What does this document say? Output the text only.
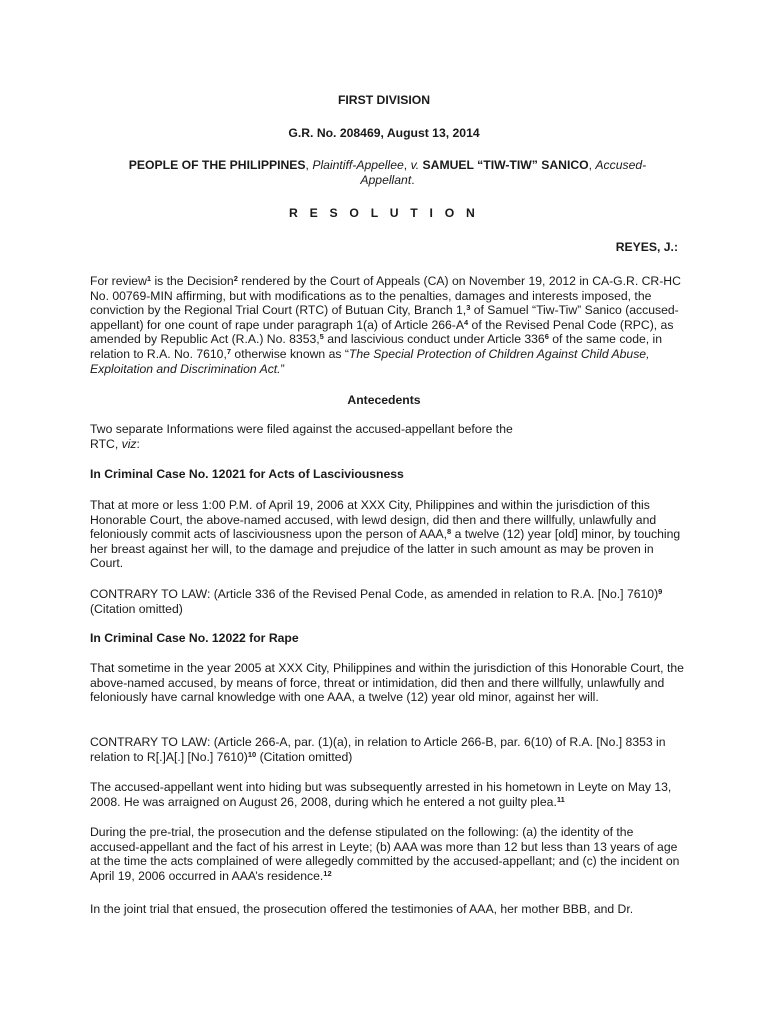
FIRST DIVISION
G.R. No. 208469, August 13, 2014
PEOPLE OF THE PHILIPPINES, Plaintiff-Appellee, v. SAMUEL “TIW-TIW” SANICO, Accused-
Appellant.
R E S O L U T I O N
REYES, J.:

For review$^1$ is the Decision$^2$ rendered by the Court of Appeals (CA) on November 19, 2012 in CA-G.R. CR-HC No. 00769-MIN affirming, but with modifications as to the penalties, damages and interests imposed, the conviction by the Regional Trial Court (RTC) of Butuan City, Branch 1,$^3$ of Samuel “Tiw-Tiw” Sanico (accused-appellant) for one count of rape under paragraph 1(a) of Article $266-A^4$ of the Revised Penal Code (RPC), as amended by Republic Act (R.A.) No. 8353,$^5$ and lascivious conduct under Article $336^6$ of the same code, in relation to R.A. No. 7610,$^7$ otherwise known as “The Special Protection of Children Against Child Abuse, Exploitation and Discrimination Act.”

Antecedents

Two separate Informations were filed against the accused-appellant before the
RTC, viz:

In Criminal Case No. 12021 for Acts of Lasciviousness

That at more or less 1:00 P.M. of April 19, 2006 at XXX City, Philippines and within the jurisdiction of this Honorable Court, the above-named accused, with lewd design, did then and there willfully, unlawfully and feloniously commit acts of lasciviousness upon the person of AAA,$^8$ a twelve (12) year [old] minor, by touching her breast against her will, to the damage and prejudice of the latter in such amount as may be proven in Court.

CONTRARY TO LAW: (Article 336 of the Revised Penal Code, as amended in relation to R.A. [No.] 7610)$^9$ (Citation omitted)

In Criminal Case No. 12022 for Rape

That sometime in the year 2005 at XXX City, Philippines and within the jurisdiction of this Honorable Court, the above-named accused, by means of force, threat or intimidation, did then and there willfully, unlawfully and feloniously have carnal knowledge with one AAA, a twelve (12) year old minor, against her will.

CONTRARY TO LAW: (Article 266-A, par. (1)(a), in relation to Article 266-B, par. 6(10) of R.A. [No.] 8353 in relation to R[.]A[.] [No.] 7610)$^{10}$ (Citation omitted)

The accused-appellant went into hiding but was subsequently arrested in his hometown in Leyte on May 13, 2008. He was arraigned on August 26, 2008, during which he entered a not guilty plea.$^{11}$

During the pre-trial, the prosecution and the defense stipulated on the following: (a) the identity of the accused-appellant and the fact of his arrest in Leyte; (b) AAA was more than 12 but less than 13 years of age at the time the acts complained of were allegedly committed by the accused-appellant; and (c) the incident on April 19, 2006 occurred in AAA’s residence.$^{12}$

In the joint trial that ensued, the prosecution offered the testimonies of AAA, her mother BBB, and Dr.
